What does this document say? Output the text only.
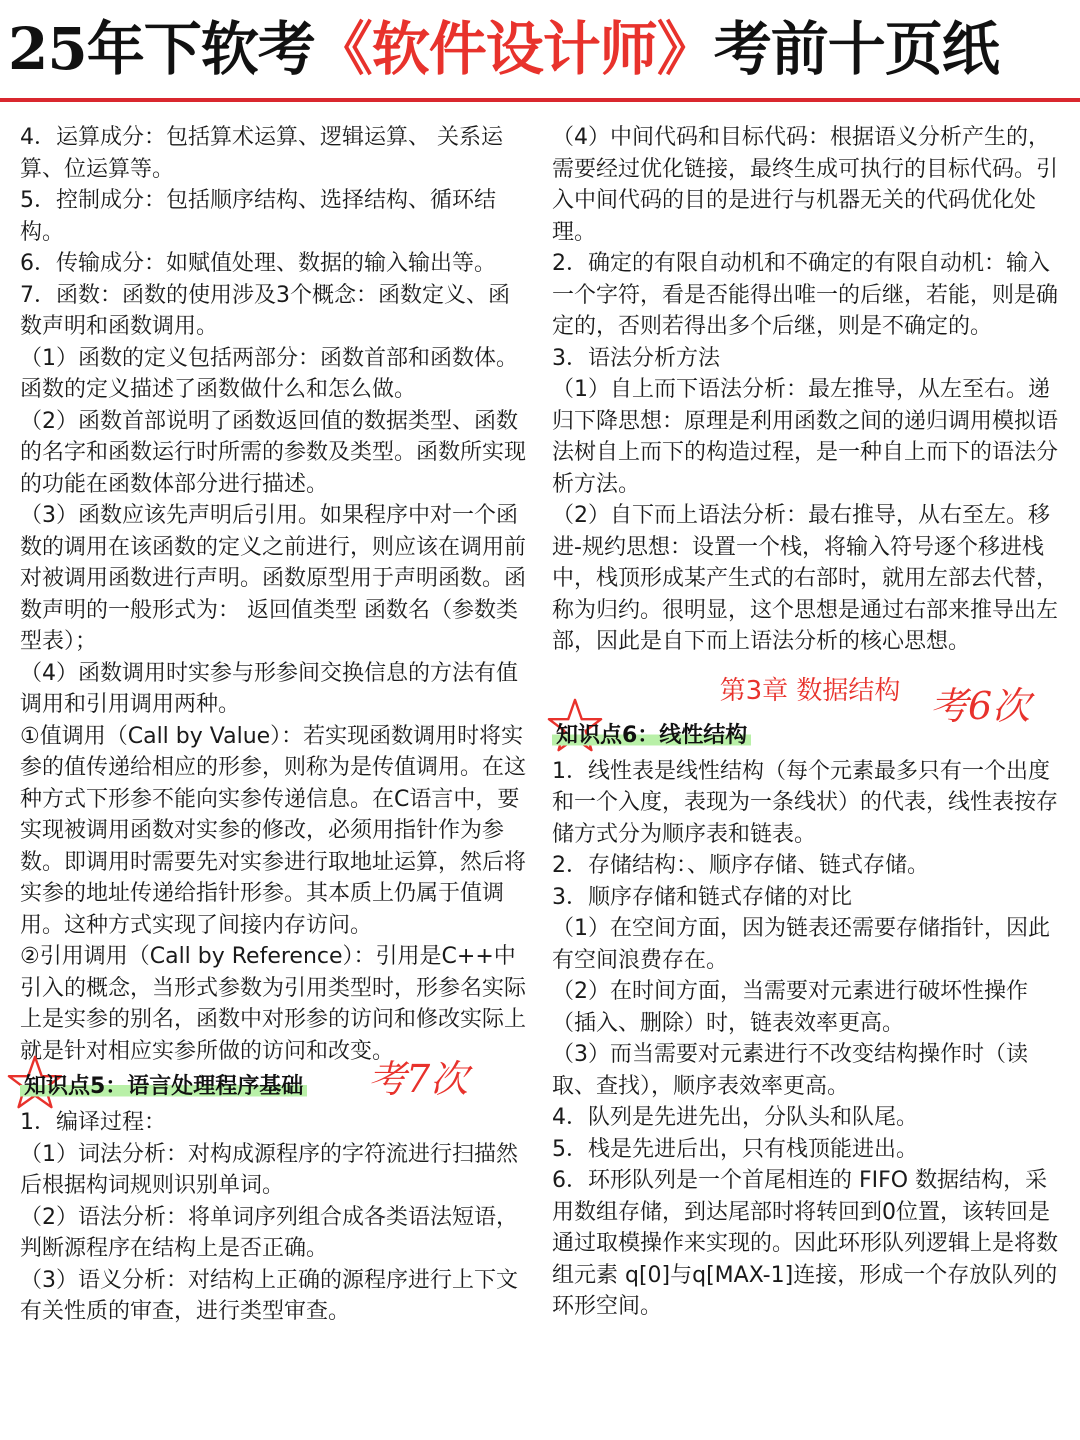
25年下软考《软件设计师》考前十页纸

4．运算成分：包括算术运算、逻辑运算、 关系运算、位运算等。

5．控制成分：包括顺序结构、选择结构、循环结构。

6．传输成分：如赋值处理、数据的输入输出等。

7．函数：函数的使用涉及3个概念：函数定义、函数声明和函数调用。

（1）函数的定义包括两部分：函数首部和函数体。函数的定义描述了函数做什么和怎么做。

（2）函数首部说明了函数返回值的数据类型、函数的名字和函数运行时所需的参数及类型。函数所实现的功能在函数体部分进行描述。

（3）函数应该先声明后引用。如果程序中对一个函数的调用在该函数的定义之前进行，则应该在调用前对被调用函数进行声明。函数原型用于声明函数。函数声明的一般形式为： 返回值类型 函数名（参数类型表）；

（4）函数调用时实参与形参间交换信息的方法有值调用和引用调用两种。

①值调用（Call by Value）：若实现函数调用时将实参的值传递给相应的形参，则称为是传值调用。在这种方式下形参不能向实参传递信息。在C语言中，要实现被调用函数对实参的修改，必须用指针作为参数。即调用时需要先对实参进行取地址运算，然后将实参的地址传递给指针形参。其本质上仍属于值调用。这种方式实现了间接内存访问。

②引用调用（Call by Reference）：引用是C++中引入的概念，当形式参数为引用类型时，形参名实际上是实参的别名，函数中对形参的访问和修改实际上就是针对相应实参所做的访问和改变。

知识点5：语言处理程序基础 考7次

1．编译过程：

（1）词法分析：对构成源程序的字符流进行扫描然后根据构词规则识别单词。

（2）语法分析：将单词序列组合成各类语法短语，判断源程序在结构上是否正确。

（3）语义分析：对结构上正确的源程序进行上下文有关性质的审查，进行类型审查。

（4）中间代码和目标代码：根据语义分析产生的，需要经过优化链接，最终生成可执行的目标代码。引入中间代码的目的是进行与机器无关的代码优化处理。

2．确定的有限自动机和不确定的有限自动机：输入一个字符，看是否能得出唯一的后继，若能，则是确定的，否则若得出多个后继，则是不确定的。

3．语法分析方法

（1）自上而下语法分析：最左推导，从左至右。递归下降思想：原理是利用函数之间的递归调用模拟语法树自上而下的构造过程，是一种自上而下的语法分析方法。

（2）自下而上语法分析：最右推导，从右至左。移进-规约思想：设置一个栈，将输入符号逐个移进栈中，栈顶形成某产生式的右部时，就用左部去代替，称为归约。很明显，这个思想是通过右部来推导出左部，因此是自下而上语法分析的核心思想。

第3章 数据结构
知识点6：线性结构
考6次

1．线性表是线性结构（每个元素最多只有一个出度和一个入度，表现为一条线状）的代表，线性表按存储方式分为顺序表和链表。

2．存储结构：、顺序存储、链式存储。

3．顺序存储和链式存储的对比

（1）在空间方面，因为链表还需要存储指针，因此有空间浪费存在。

（2）在时间方面，当需要对元素进行破坏性操作（插入、删除）时，链表效率更高。

（3）而当需要对元素进行不改变结构操作时（读取、查找），顺序表效率更高。

4．队列是先进先出，分队头和队尾。

5．栈是先进后出，只有栈顶能进出。

6．环形队列是一个首尾相连的 FIFO 数据结构，采用数组存储，到达尾部时将转回到0位置，该转回是通过取模操作来实现的。因此环形队列逻辑上是将数组元素 q[0]与q[MAX-1]连接，形成一个存放队列的环形空间。
